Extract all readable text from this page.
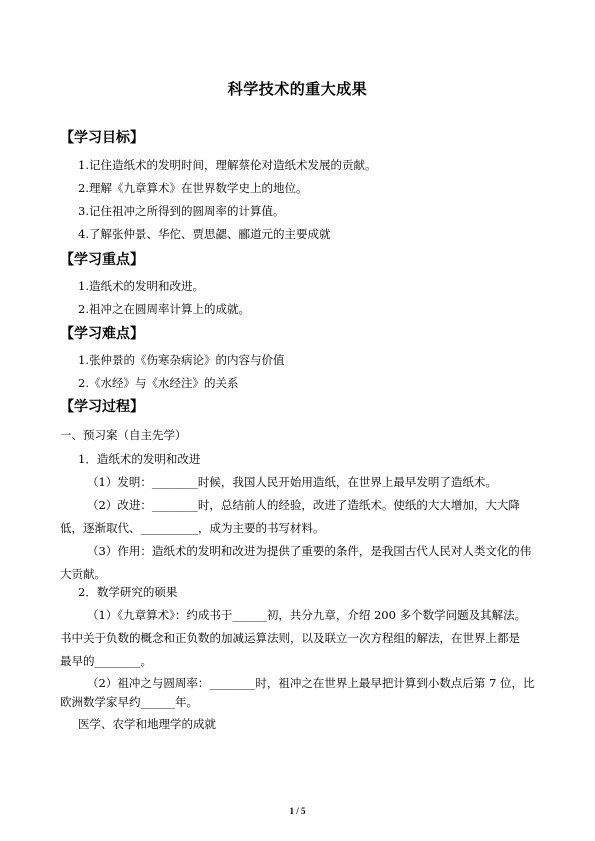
科学技术的重大成果
【学习目标】
1.记住造纸术的发明时间，理解蔡伦对造纸术发展的贡献。
2.理解《九章算术》在世界数学史上的地位。
3.记住祖冲之所得到的圆周率的计算值。
4.了解张仲景、华佗、贾思勰、郦道元的主要成就
【学习重点】
1.造纸术的发明和改进。
2.祖冲之在圆周率计算上的成就。
【学习难点】
1.张仲景的《伤寒杂病论》的内容与价值
2.《水经》与《水经注》的关系
【学习过程】
一、预习案（自主先学）
1．造纸术的发明和改进
（1）发明：________时候，我国人民开始用造纸，在世界上最早发明了造纸术。
（2）改进：________时，总结前人的经验，改进了造纸术。使纸的大大增加，大大降
低，逐渐取代、__________，成为主要的书写材料。
（3）作用：造纸术的发明和改进为提供了重要的条件，是我国古代人民对人类文化的伟
大贡献。
2．数学研究的硕果
（1）《九章算术》：约成书于______初，共分九章，介绍 200 多个数学问题及其解法。
书中关于负数的概念和正负数的加减运算法则，以及联立一次方程组的解法，在世界上都是
最早的________。
（2）祖冲之与圆周率：________时，祖冲之在世界上最早把计算到小数点后第 7 位，比
欧洲数学家早约______年。
医学、农学和地理学的成就
1 / 5
